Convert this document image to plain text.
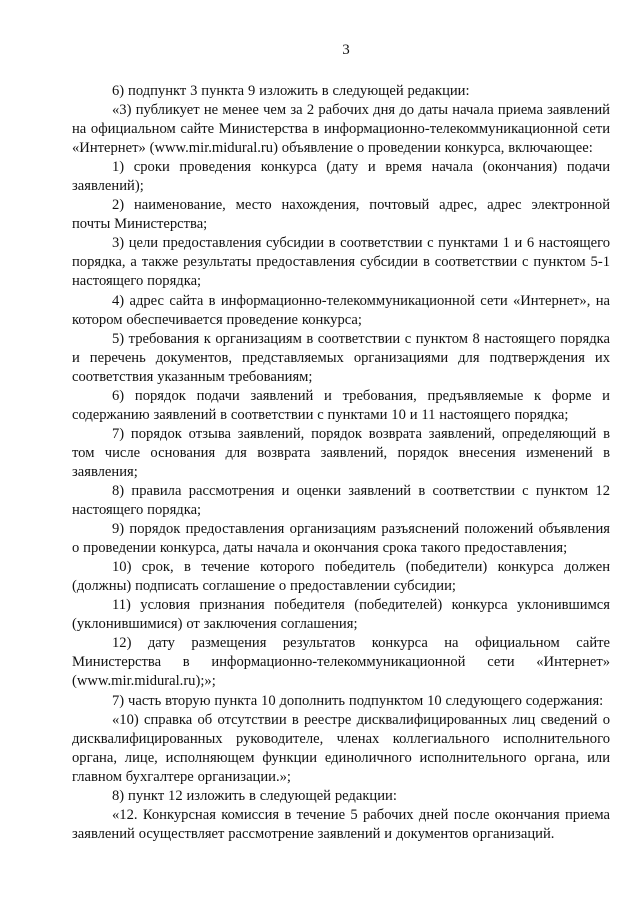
3

6) подпункт 3 пункта 9 изложить в следующей редакции:

«3) публикует не менее чем за 2 рабочих дня до даты начала приема заявлений на официальном сайте Министерства в информационно-телекоммуникационной сети «Интернет» (www.mir.midural.ru) объявление о проведении конкурса, включающее:

1) сроки проведения конкурса (дату и время начала (окончания) подачи заявлений);

2) наименование, место нахождения, почтовый адрес, адрес электронной почты Министерства;

3) цели предоставления субсидии в соответствии с пунктами 1 и 6 настоящего порядка, а также результаты предоставления субсидии в соответствии с пунктом 5-1 настоящего порядка;

4) адрес сайта в информационно-телекоммуникационной сети «Интернет», на котором обеспечивается проведение конкурса;

5) требования к организациям в соответствии с пунктом 8 настоящего порядка и перечень документов, представляемых организациями для подтверждения их соответствия указанным требованиям;

6) порядок подачи заявлений и требования, предъявляемые к форме и содержанию заявлений в соответствии с пунктами 10 и 11 настоящего порядка;

7) порядок отзыва заявлений, порядок возврата заявлений, определяющий в том числе основания для возврата заявлений, порядок внесения изменений в заявления;

8) правила рассмотрения и оценки заявлений в соответствии с пунктом 12 настоящего порядка;

9) порядок предоставления организациям разъяснений положений объявления о проведении конкурса, даты начала и окончания срока такого предоставления;

10) срок, в течение которого победитель (победители) конкурса должен (должны) подписать соглашение о предоставлении субсидии;

11) условия признания победителя (победителей) конкурса уклонившимся (уклонившимися) от заключения соглашения;

12) дату размещения результатов конкурса на официальном сайте Министерства в информационно-телекоммуникационной сети «Интернет» (www.mir.midural.ru);»;

7) часть вторую пункта 10 дополнить подпунктом 10 следующего содержания:

«10) справка об отсутствии в реестре дисквалифицированных лиц сведений о дисквалифицированных руководителе, членах коллегиального исполнительного органа, лице, исполняющем функции единоличного исполнительного органа, или главном бухгалтере организации.»;

8) пункт 12 изложить в следующей редакции:

«12. Конкурсная комиссия в течение 5 рабочих дней после окончания приема заявлений осуществляет рассмотрение заявлений и документов организаций.
